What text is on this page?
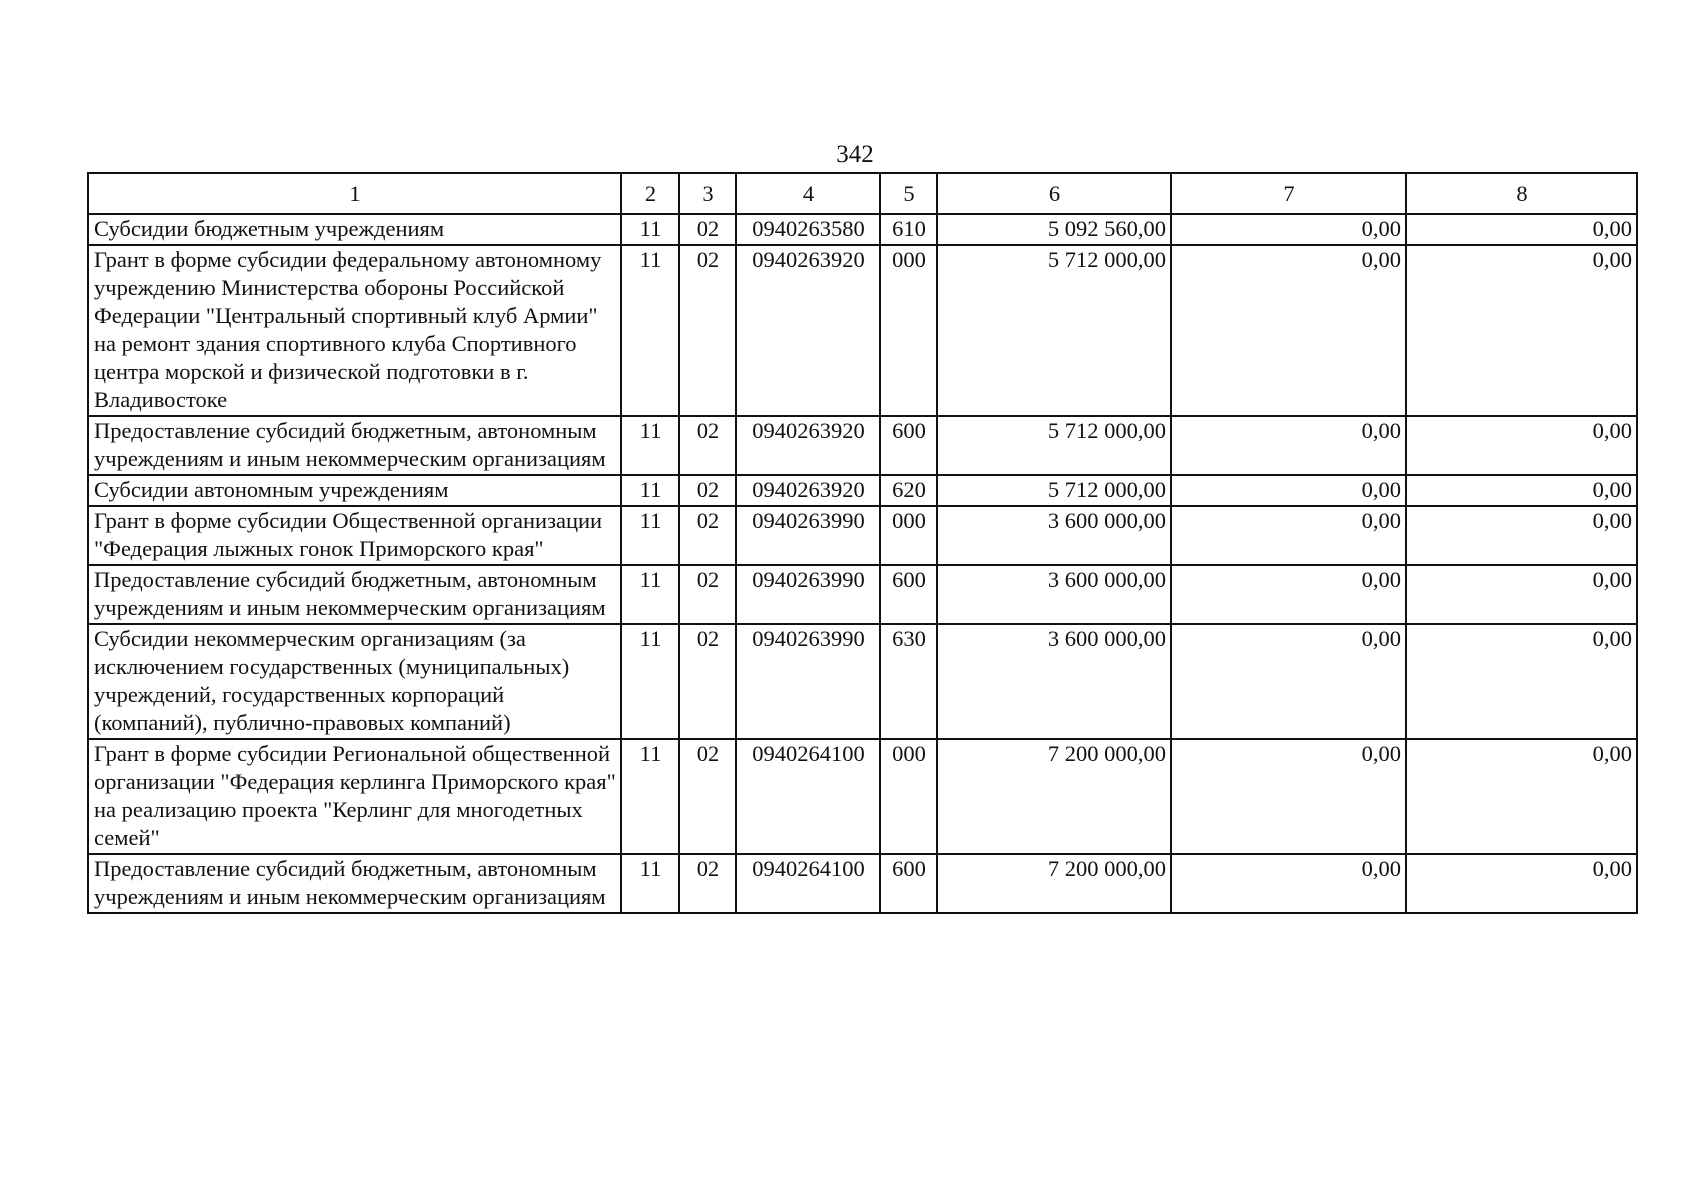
342
1	2	3	4	5	6	7	8
Субсидии бюджетным учреждениям	11	02	0940263580	610	5 092 560,00	0,00	0,00
Грант в форме субсидии федеральному автономному учреждению Министерства обороны Российской Федерации "Центральный спортивный клуб Армии" на ремонт здания спортивного клуба Спортивного центра морской и физической подготовки в г. Владивостоке	11	02	0940263920	000	5 712 000,00	0,00	0,00
Предоставление субсидий бюджетным, автономным учреждениям и иным некоммерческим организациям	11	02	0940263920	600	5 712 000,00	0,00	0,00
Субсидии автономным учреждениям	11	02	0940263920	620	5 712 000,00	0,00	0,00
Грант в форме субсидии Общественной организации "Федерация лыжных гонок Приморского края"	11	02	0940263990	000	3 600 000,00	0,00	0,00
Предоставление субсидий бюджетным, автономным учреждениям и иным некоммерческим организациям	11	02	0940263990	600	3 600 000,00	0,00	0,00
Субсидии некоммерческим организациям (за исключением государственных (муниципальных) учреждений, государственных корпораций (компаний), публично-правовых компаний)	11	02	0940263990	630	3 600 000,00	0,00	0,00
Грант в форме субсидии Региональной общественной организации "Федерация керлинга Приморского края" на реализацию проекта "Керлинг для многодетных семей"	11	02	0940264100	000	7 200 000,00	0,00	0,00
Предоставление субсидий бюджетным, автономным учреждениям и иным некоммерческим организациям	11	02	0940264100	600	7 200 000,00	0,00	0,00
